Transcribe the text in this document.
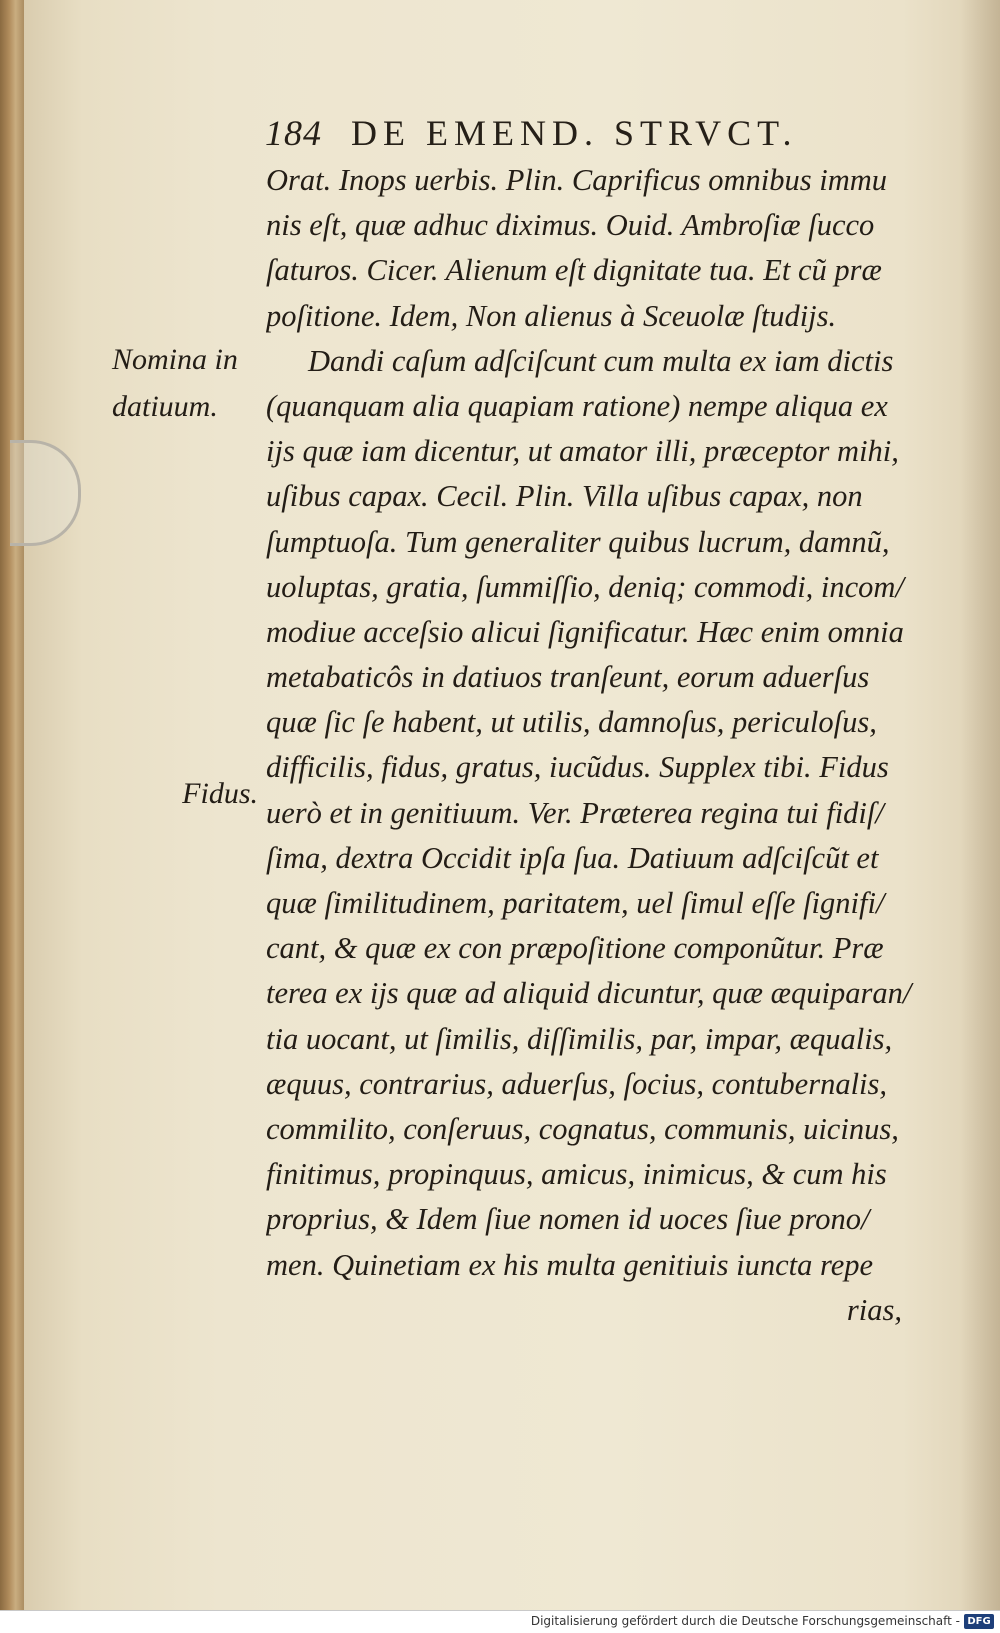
184 DE EMEND. STRVCT.
Nomina in
datiuum.
Fidus.
Orat. Inops uerbis. Plin. Caprificus omnibus immu
nis eſt, quæ adhuc diximus. Ouid. Ambroſiæ ſucco
ſaturos. Cicer. Alienum eſt dignitate tua. Et cũ præ
poſitione. Idem, Non alienus à Sceuolæ ſtudijs.
Dandi caſum adſciſcunt cum multa ex iam dictis
(quanquam alia quapiam ratione) nempe aliqua ex
ijs quæ iam dicentur, ut amator illi, præceptor mihi,
uſibus capax. Cecil. Plin. Villa uſibus capax, non
ſumptuoſa. Tum generaliter quibus lucrum, damnũ,
uoluptas, gratia, ſummiſſio, deniq; commodi, incom/
modiue acceſsio alicui ſignificatur. Hæc enim omnia
metabaticôs in datiuos tranſeunt, eorum aduerſus
quæ ſic ſe habent, ut utilis, damnoſus, periculoſus,
difficilis, fidus, gratus, iucũdus. Supplex tibi. Fidus
uerò et in genitiuum. Ver. Præterea regina tui fidiſ/
ſima, dextra Occidit ipſa ſua. Datiuum adſciſcũt et
quæ ſimilitudinem, paritatem, uel ſimul eſſe ſignifi/
cant, & quæ ex con præpoſitione componũtur. Præ
terea ex ijs quæ ad aliquid dicuntur, quæ æquiparan/
tia uocant, ut ſimilis, diſſimilis, par, impar, æqualis,
æquus, contrarius, aduerſus, ſocius, contubernalis,
commilito, conſeruus, cognatus, communis, uicinus,
finitimus, propinquus, amicus, inimicus, & cum his
proprius, & Idem ſiue nomen id uoces ſiue prono/
men. Quinetiam ex his multa genitiuis iuncta repe
rias,
Digitalisierung gefördert durch die Deutsche Forschungsgemeinschaft - DFG
